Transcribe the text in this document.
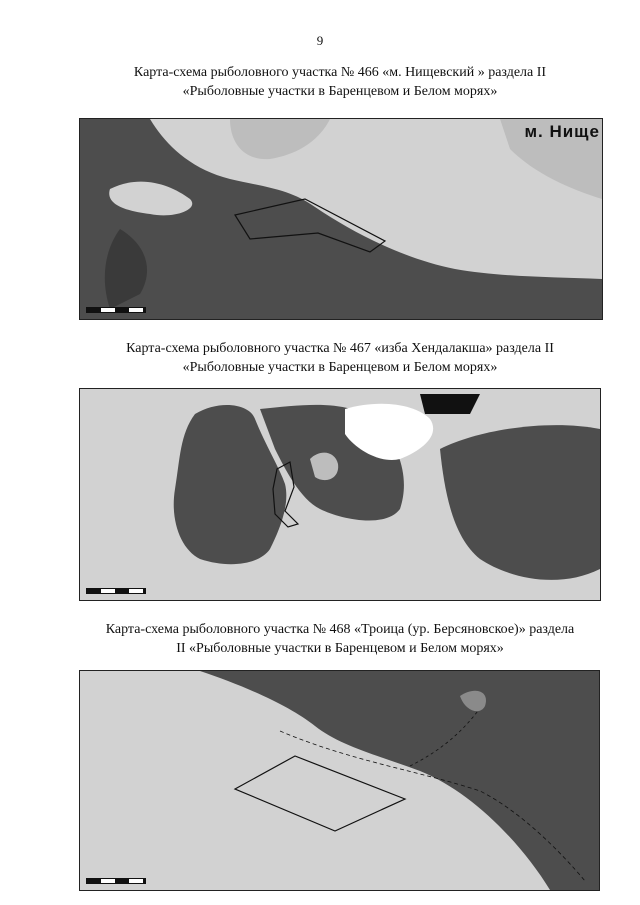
9
Карта-схема рыболовного участка № 466 «м. Нищевский » раздела II
«Рыболовные участки в Баренцевом и Белом морях»
м. Нище
Карта-схема рыболовного участка № 467 «изба Хендалакша» раздела II
«Рыболовные участки в Баренцевом и Белом морях»
Карта-схема рыболовного участка № 468 «Троица (ур. Берсяновское)» раздела
II «Рыболовные участки в Баренцевом и Белом морях»
